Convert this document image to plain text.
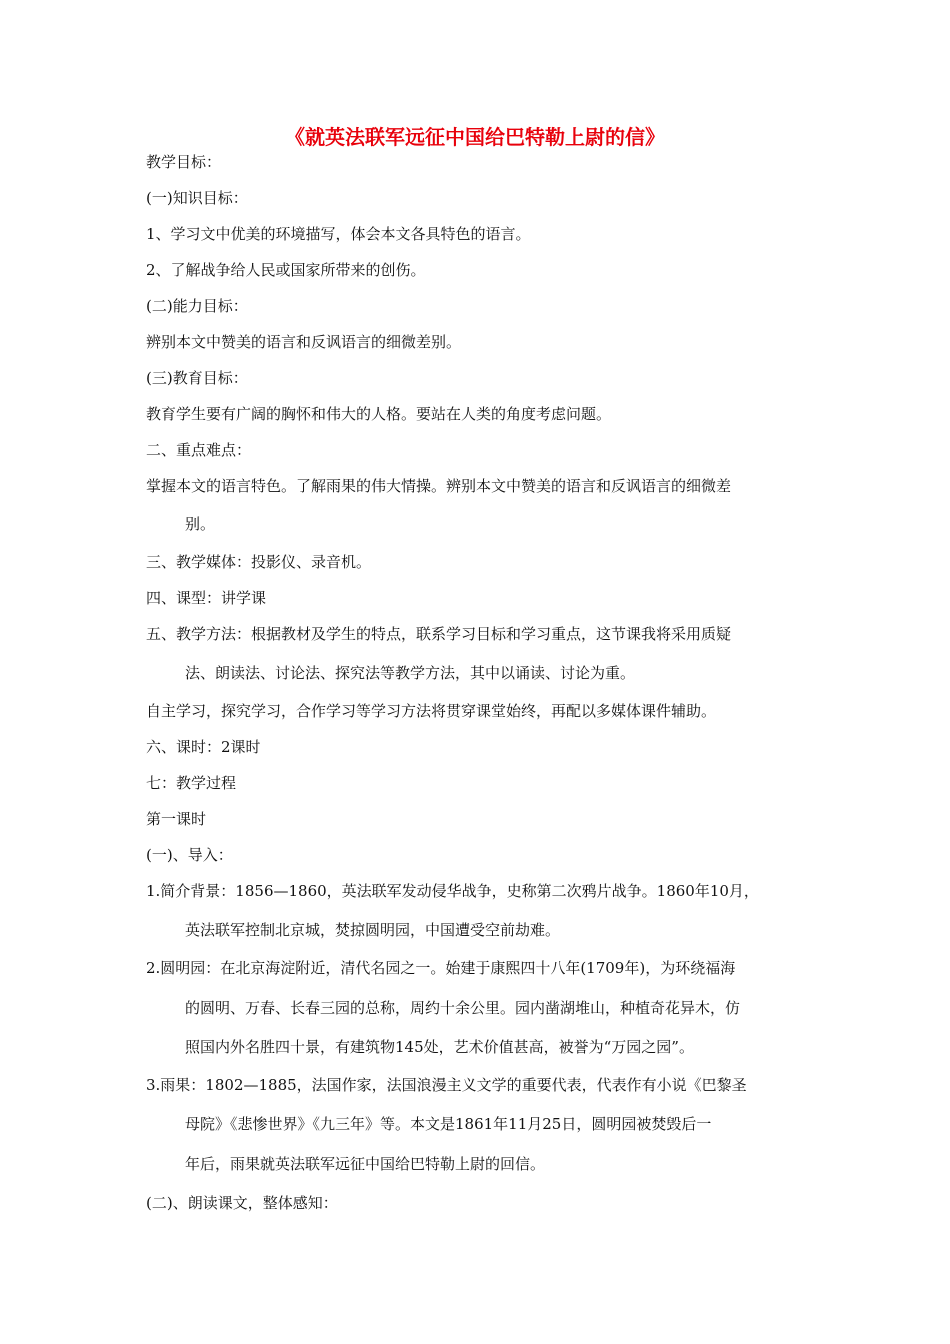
《就英法联军远征中国给巴特勒上尉的信》
教学目标：
(一)知识目标：
1、学习文中优美的环境描写，体会本文各具特色的语言。
2、了解战争给人民或国家所带来的创伤。
(二)能力目标：
辨别本文中赞美的语言和反讽语言的细微差别。
(三)教育目标：
教育学生要有广阔的胸怀和伟大的人格。要站在人类的角度考虑问题。
二、重点难点：
掌握本文的语言特色。了解雨果的伟大情操。辨别本文中赞美的语言和反讽语言的细微差
别。
三、教学媒体：投影仪、录音机。
四、课型：讲学课
五、教学方法：根据教材及学生的特点，联系学习目标和学习重点，这节课我将采用质疑
法、朗读法、讨论法、探究法等教学方法，其中以诵读、讨论为重。
自主学习，探究学习，合作学习等学习方法将贯穿课堂始终，再配以多媒体课件辅助。
六、课时：2课时
七：教学过程
第一课时
(一)、导入：
1.简介背景：1856—1860，英法联军发动侵华战争，史称第二次鸦片战争。1860年10月，
英法联军控制北京城，焚掠圆明园，中国遭受空前劫难。
2.圆明园：在北京海淀附近，清代名园之一。始建于康熙四十八年(1709年)，为环绕福海
的圆明、万春、长春三园的总称，周约十余公里。园内凿湖堆山，种植奇花异木，仿
照国内外名胜四十景，有建筑物145处，艺术价值甚高，被誉为“万园之园”。
3.雨果：1802—1885，法国作家，法国浪漫主义文学的重要代表，代表作有小说《巴黎圣
母院》《悲惨世界》《九三年》等。本文是1861年11月25日，圆明园被焚毁后一
年后，雨果就英法联军远征中国给巴特勒上尉的回信。
(二)、朗读课文，整体感知：
